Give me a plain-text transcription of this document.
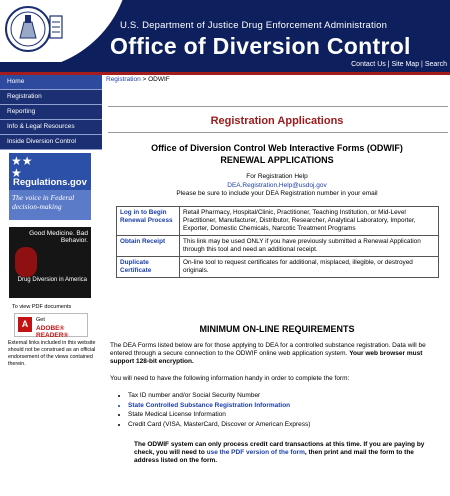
U.S. Department of Justice Drug Enforcement Administration
Office of Diversion Control
Contact Us | Site Map | Search
Home
Registration
Reporting
Info & Legal Resources
Inside Diversion Control
★★
★
Regulations.gov
The voice in Federal decision-making
Good Medicine. Bad Behavior.
Drug Diversion in America
To view PDF documents
A	Get
ADOBE® READER®
External links included in this website should not be construed as an official endorsement of the views contained therein.
Registration > ODWIF
Registration Applications
Office of Diversion Control Web Interactive Forms (ODWIF)
RENEWAL APPLICATIONS
For Registration Help
DEA.Registration.Help@usdoj.gov
Please be sure to include your DEA Registration number in your email
Log in to Begin Renewal Process	Retail Pharmacy, Hospital/Clinic, Practitioner, Teaching Institution, or Mid-Level Practitioner, Manufacturer, Distributor, Researcher, Analytical Laboratory, Importer, Exporter, Domestic Chemicals, Narcotic Treatment Programs
Obtain Receipt	This link may be used ONLY if you have previously submitted a Renewal Application through this tool and need an additional receipt.
Duplicate Certificate	On-line tool to request certificates for additional, misplaced, illegible, or destroyed originals.
MINIMUM ON-LINE REQUIREMENTS
The DEA Forms listed below are for those applying to DEA for a controlled substance registration. Data will be entered through a secure connection to the ODWIF online web application system. Your web browser must support 128-bit encryption.
You will need to have the following information handy in order to complete the form:
• Tax ID number and/or Social Security Number
• State Controlled Substance Registration Information
• State Medical License Information
• Credit Card (VISA, MasterCard, Discover or American Express)
The ODWIF system can only process credit card transactions at this time. If you are paying by check, you will need to use the PDF version of the form, then print and mail the form to the address listed on the form.
